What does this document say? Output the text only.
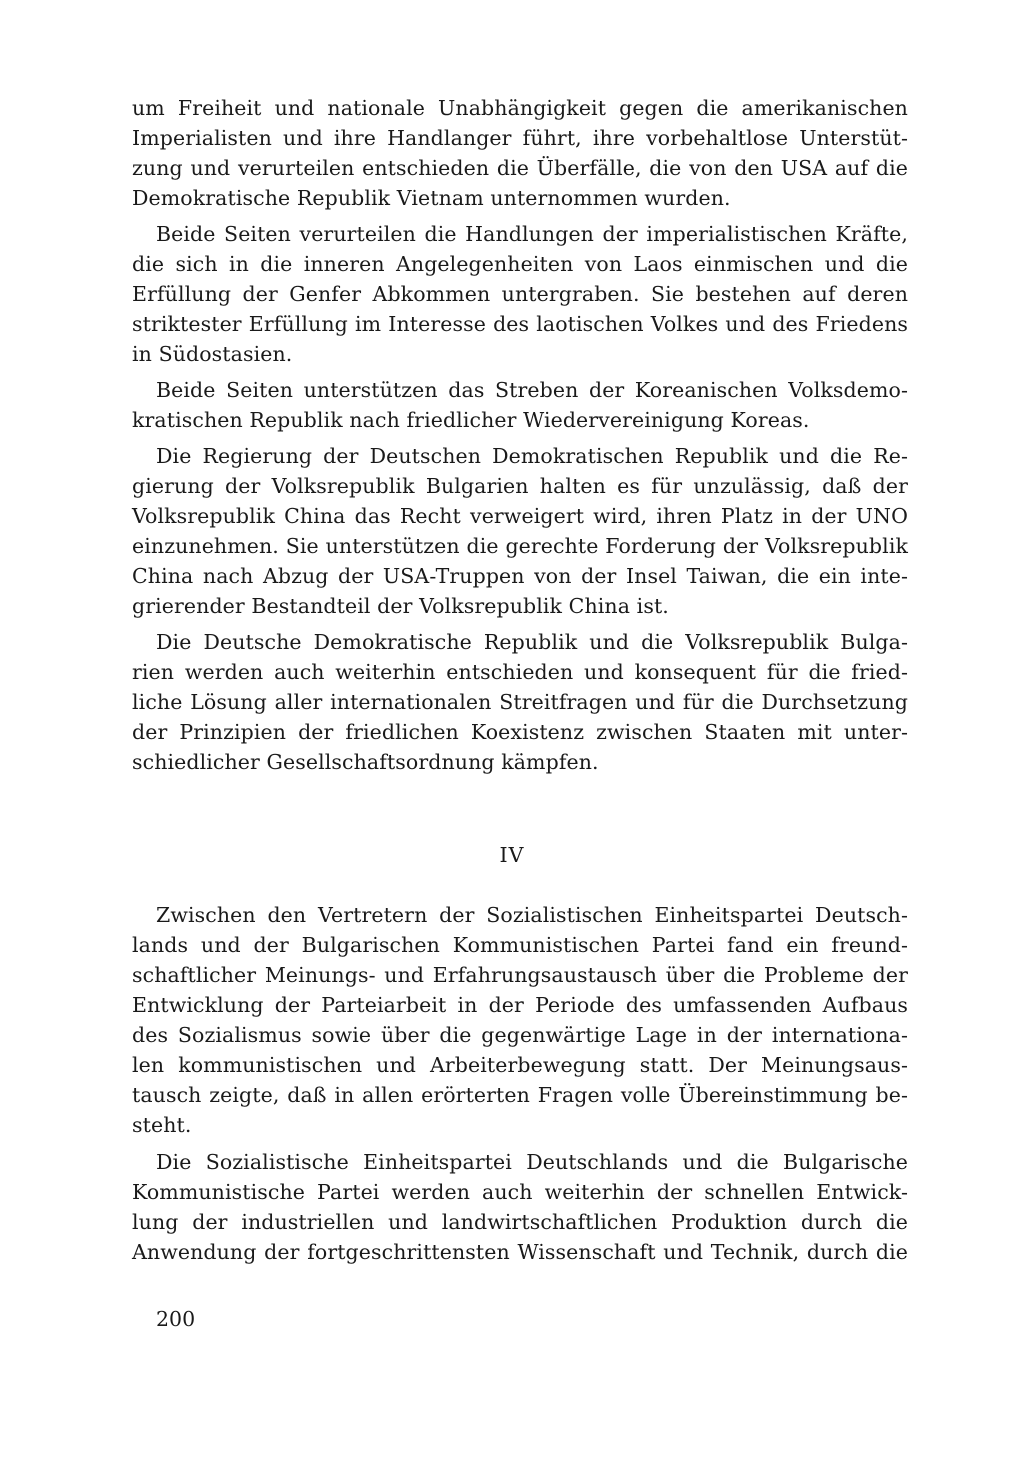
um Freiheit und nationale Unabhängigkeit gegen die amerikanischen
Imperialisten und ihre Handlanger führt, ihre vorbehaltlose Unterstüt-
zung und verurteilen entschieden die Überfälle, die von den USA auf die
Demokratische Republik Vietnam unternommen wurden.
Beide Seiten verurteilen die Handlungen der imperialistischen Kräfte,
die sich in die inneren Angelegenheiten von Laos einmischen und die
Erfüllung der Genfer Abkommen untergraben. Sie bestehen auf deren
striktester Erfüllung im Interesse des laotischen Volkes und des Friedens
in Südostasien.
Beide Seiten unterstützen das Streben der Koreanischen Volksdemo-
kratischen Republik nach friedlicher Wiedervereinigung Koreas.
Die Regierung der Deutschen Demokratischen Republik und die Re-
gierung der Volksrepublik Bulgarien halten es für unzulässig, daß der
Volksrepublik China das Recht verweigert wird, ihren Platz in der UNO
einzunehmen. Sie unterstützen die gerechte Forderung der Volksrepublik
China nach Abzug der USA-Truppen von der Insel Taiwan, die ein inte-
grierender Bestandteil der Volksrepublik China ist.
Die Deutsche Demokratische Republik und die Volksrepublik Bulga-
rien werden auch weiterhin entschieden und konsequent für die fried-
liche Lösung aller internationalen Streitfragen und für die Durchsetzung
der Prinzipien der friedlichen Koexistenz zwischen Staaten mit unter-
schiedlicher Gesellschaftsordnung kämpfen.
IV
Zwischen den Vertretern der Sozialistischen Einheitspartei Deutsch-
lands und der Bulgarischen Kommunistischen Partei fand ein freund-
schaftlicher Meinungs- und Erfahrungsaustausch über die Probleme der
Entwicklung der Parteiarbeit in der Periode des umfassenden Aufbaus
des Sozialismus sowie über die gegenwärtige Lage in der internationa-
len kommunistischen und Arbeiterbewegung statt. Der Meinungsaus-
tausch zeigte, daß in allen erörterten Fragen volle Übereinstimmung be-
steht.
Die Sozialistische Einheitspartei Deutschlands und die Bulgarische
Kommunistische Partei werden auch weiterhin der schnellen Entwick-
lung der industriellen und landwirtschaftlichen Produktion durch die
Anwendung der fortgeschrittensten Wissenschaft und Technik, durch die
200
